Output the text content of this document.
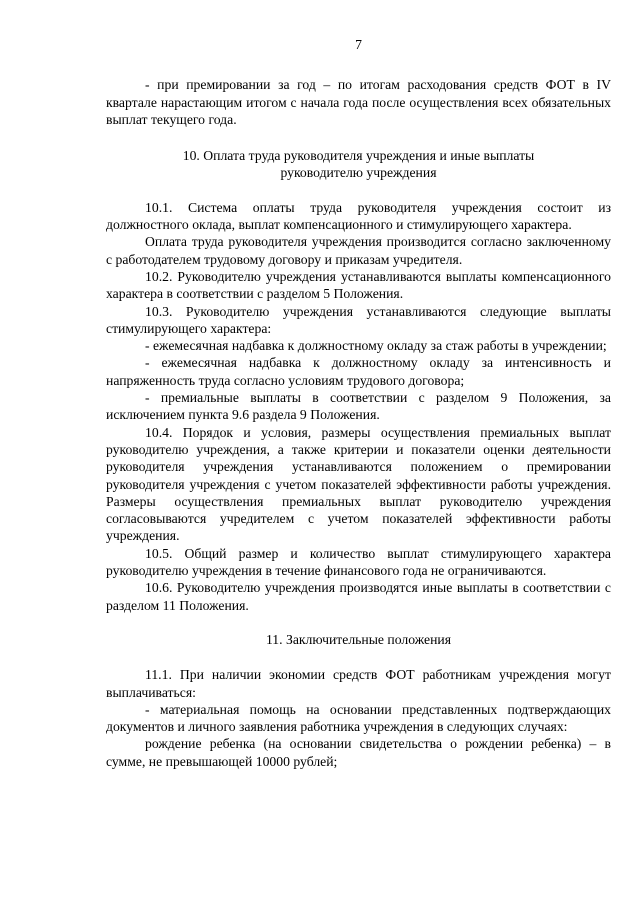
7

- при премировании за год – по итогам расходования средств ФОТ в IV квартале нарастающим итогом с начала года после осуществления всех обязательных выплат текущего года.

10. Оплата труда руководителя учреждения и иные выплаты
руководителю учреждения

10.1. Система оплаты труда руководителя учреждения состоит из должностного оклада, выплат компенсационного и стимулирующего характера.

Оплата труда руководителя учреждения производится согласно заключенному с работодателем трудовому договору и приказам учредителя.

10.2. Руководителю учреждения устанавливаются выплаты компенсационного характера в соответствии с разделом 5 Положения.

10.3. Руководителю учреждения устанавливаются следующие выплаты стимулирующего характера:

- ежемесячная надбавка к должностному окладу за стаж работы в учреждении;

- ежемесячная надбавка к должностному окладу за интенсивность и напряженность труда согласно условиям трудового договора;

- премиальные выплаты в соответствии с разделом 9 Положения, за исключением пункта 9.6 раздела 9 Положения.

10.4. Порядок и условия, размеры осуществления премиальных выплат руководителю учреждения, а также критерии и показатели оценки деятельности руководителя учреждения устанавливаются положением о премировании руководителя учреждения с учетом показателей эффективности работы учреждения. Размеры осуществления премиальных выплат руководителю учреждения согласовываются учредителем с учетом показателей эффективности работы учреждения.

10.5. Общий размер и количество выплат стимулирующего характера руководителю учреждения в течение финансового года не ограничиваются.

10.6. Руководителю учреждения производятся иные выплаты в соответствии с разделом 11 Положения.

11. Заключительные положения

11.1. При наличии экономии средств ФОТ работникам учреждения могут выплачиваться:

- материальная помощь на основании представленных подтверждающих документов и личного заявления работника учреждения в следующих случаях:

рождение ребенка (на основании свидетельства о рождении ребенка) – в сумме, не превышающей 10000 рублей;
